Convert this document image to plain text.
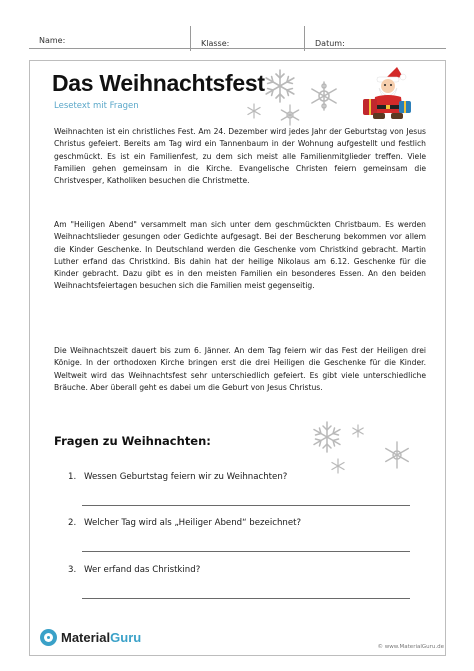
Name:	Klasse:	Datum:
Das Weihnachtsfest
Lesetext mit Fragen
Weihnachten ist ein christliches Fest. Am 24. Dezember wird jedes Jahr der Geburtstag von Jesus Christus gefeiert. Bereits am Tag wird ein Tannenbaum in der Wohnung aufgestellt und festlich geschmückt. Es ist ein Familienfest, zu dem sich meist alle Familienmitglieder treffen. Viele Familien gehen gemeinsam in die Kirche. Evangelische Christen feiern gemeinsam die Christvesper, Katholiken besuchen die Christmette.
Am "Heiligen Abend" versammelt man sich unter dem geschmückten Christbaum. Es werden Weihnachtslieder gesungen oder Gedichte aufgesagt. Bei der Bescherung bekommen vor allem die Kinder Geschenke. In Deutschland werden die Geschenke vom Christkind gebracht. Martin Luther erfand das Christkind. Bis dahin hat der heilige Nikolaus am 6.12. Geschenke für die Kinder gebracht. Dazu gibt es in den meisten Familien ein besonderes Essen. An den beiden Weihnachtsfeiertagen besuchen sich die Familien meist gegenseitig.
Die Weihnachtszeit dauert bis zum 6. Jänner. An dem Tag feiern wir das Fest der Heiligen drei Könige. In der orthodoxen Kirche bringen erst die drei Heiligen die Geschenke für die Kinder. Weltweit wird das Weihnachtsfest sehr unterschiedlich gefeiert. Es gibt viele unterschiedliche Bräuche. Aber überall geht es dabei um die Geburt von Jesus Christus.
Fragen zu Weihnachten:
1. Wessen Geburtstag feiern wir zu Weihnachten?
2. Welcher Tag wird als „Heiliger Abend“ bezeichnet?
3. Wer erfand das Christkind?
MaterialGuru
© www.MaterialGuru.de
